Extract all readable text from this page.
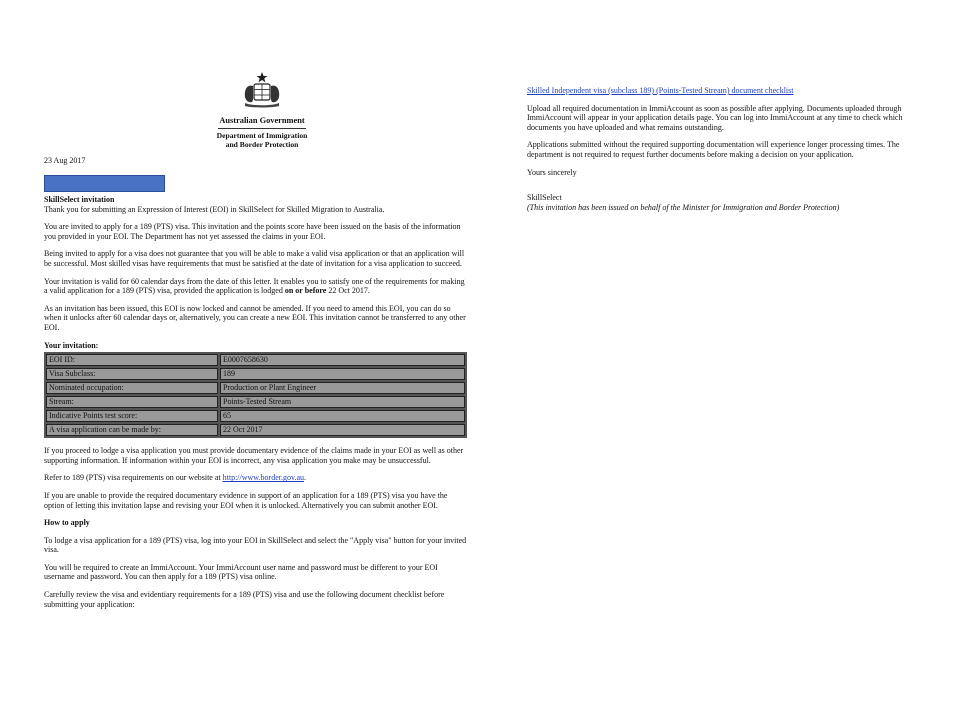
Australian Government
Department of Immigration
and Border Protection
23 Aug 2017

SkillSelect invitation

Thank you for submitting an Expression of Interest (EOI) in SkillSelect for Skilled Migration to Australia.

You are invited to apply for a 189 (PTS) visa. This invitation and the points score have been issued on the basis of the information you provided in your EOI. The Department has not yet assessed the claims in your EOI.

Being invited to apply for a visa does not guarantee that you will be able to make a valid visa application or that an application will be successful. Most skilled visas have requirements that must be satisfied at the date of invitation for a visa application to succeed.

Your invitation is valid for 60 calendar days from the date of this letter. It enables you to satisfy one of the requirements for making a valid application for a 189 (PTS) visa, provided the application is lodged on or before 22 Oct 2017.

As an invitation has been issued, this EOI is now locked and cannot be amended. If you need to amend this EOI, you can do so when it unlocks after 60 calendar days or, alternatively, you can create a new EOI. This invitation cannot be transferred to any other EOI.

Your invitation:

EOI ID:	E0007658630
Visa Subclass:	189
Nominated occupation:	Production or Plant Engineer
Stream:	Points-Tested Stream
Indicative Points test score:	65
A visa application can be made by:	22 Oct 2017

If you proceed to lodge a visa application you must provide documentary evidence of the claims made in your EOI as well as other supporting information. If information within your EOI is incorrect, any visa application you make may be unsuccessful.

Refer to 189 (PTS) visa requirements on our website at http://www.border.gov.au.

If you are unable to provide the required documentary evidence in support of an application for a 189 (PTS) visa you have the option of letting this invitation lapse and revising your EOI when it is unlocked. Alternatively you can submit another EOI.

How to apply

To lodge a visa application for a 189 (PTS) visa, log into your EOI in SkillSelect and select the "Apply visa" button for your invited visa.

You will be required to create an ImmiAccount. Your ImmiAccount user name and password must be different to your EOI username and password. You can then apply for a 189 (PTS) visa online.

Carefully review the visa and evidentiary requirements for a 189 (PTS) visa and use the following document checklist before submitting your application:

Skilled Independent visa (subclass 189) (Points-Tested Stream) document checklist

Upload all required documentation in ImmiAccount as soon as possible after applying. Documents uploaded through ImmiAccount will appear in your application details page. You can log into ImmiAccount at any time to check which documents you have uploaded and what remains outstanding.

Applications submitted without the required supporting documentation will experience longer processing times. The department is not required to request further documents before making a decision on your application.

Yours sincerely

SkillSelect

(This invitation has been issued on behalf of the Minister for Immigration and Border Protection)
